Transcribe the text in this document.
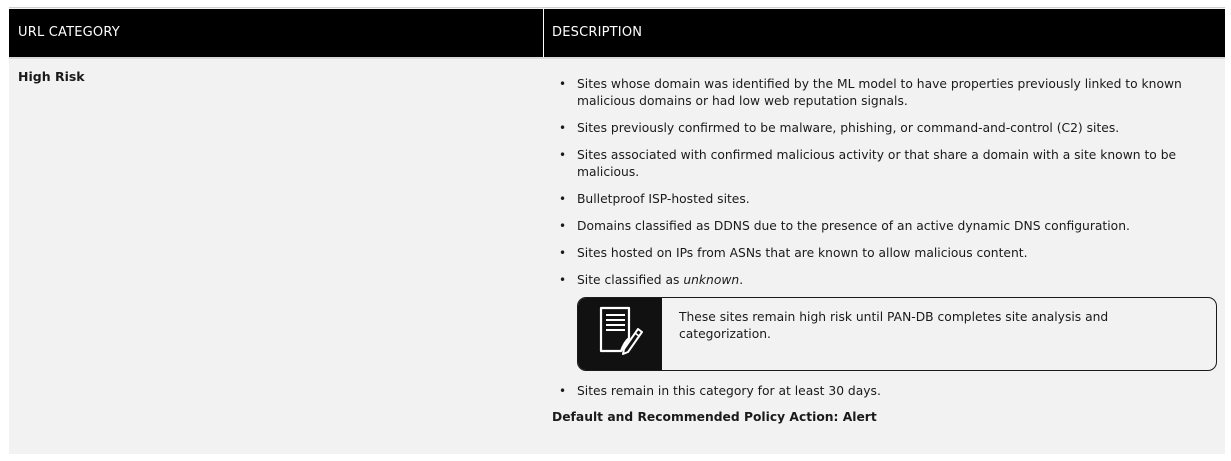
URL CATEGORY	DESCRIPTION
High Risk	• Sites whose domain was identified by the ML model to have properties previously linked to known malicious domains or had low web reputation signals.
• Sites previously confirmed to be malware, phishing, or command-and-control (C2) sites.
• Sites associated with confirmed malicious activity or that share a domain with a site known to be malicious.
• Bulletproof ISP-hosted sites.
• Domains classified as DDNS due to the presence of an active dynamic DNS configuration.
• Sites hosted on IPs from ASNs that are known to allow malicious content.
• Site classified as unknown.
These sites remain high risk until PAN-DB completes site analysis and categorization.
• Sites remain in this category for at least 30 days.
Default and Recommended Policy Action: Alert
